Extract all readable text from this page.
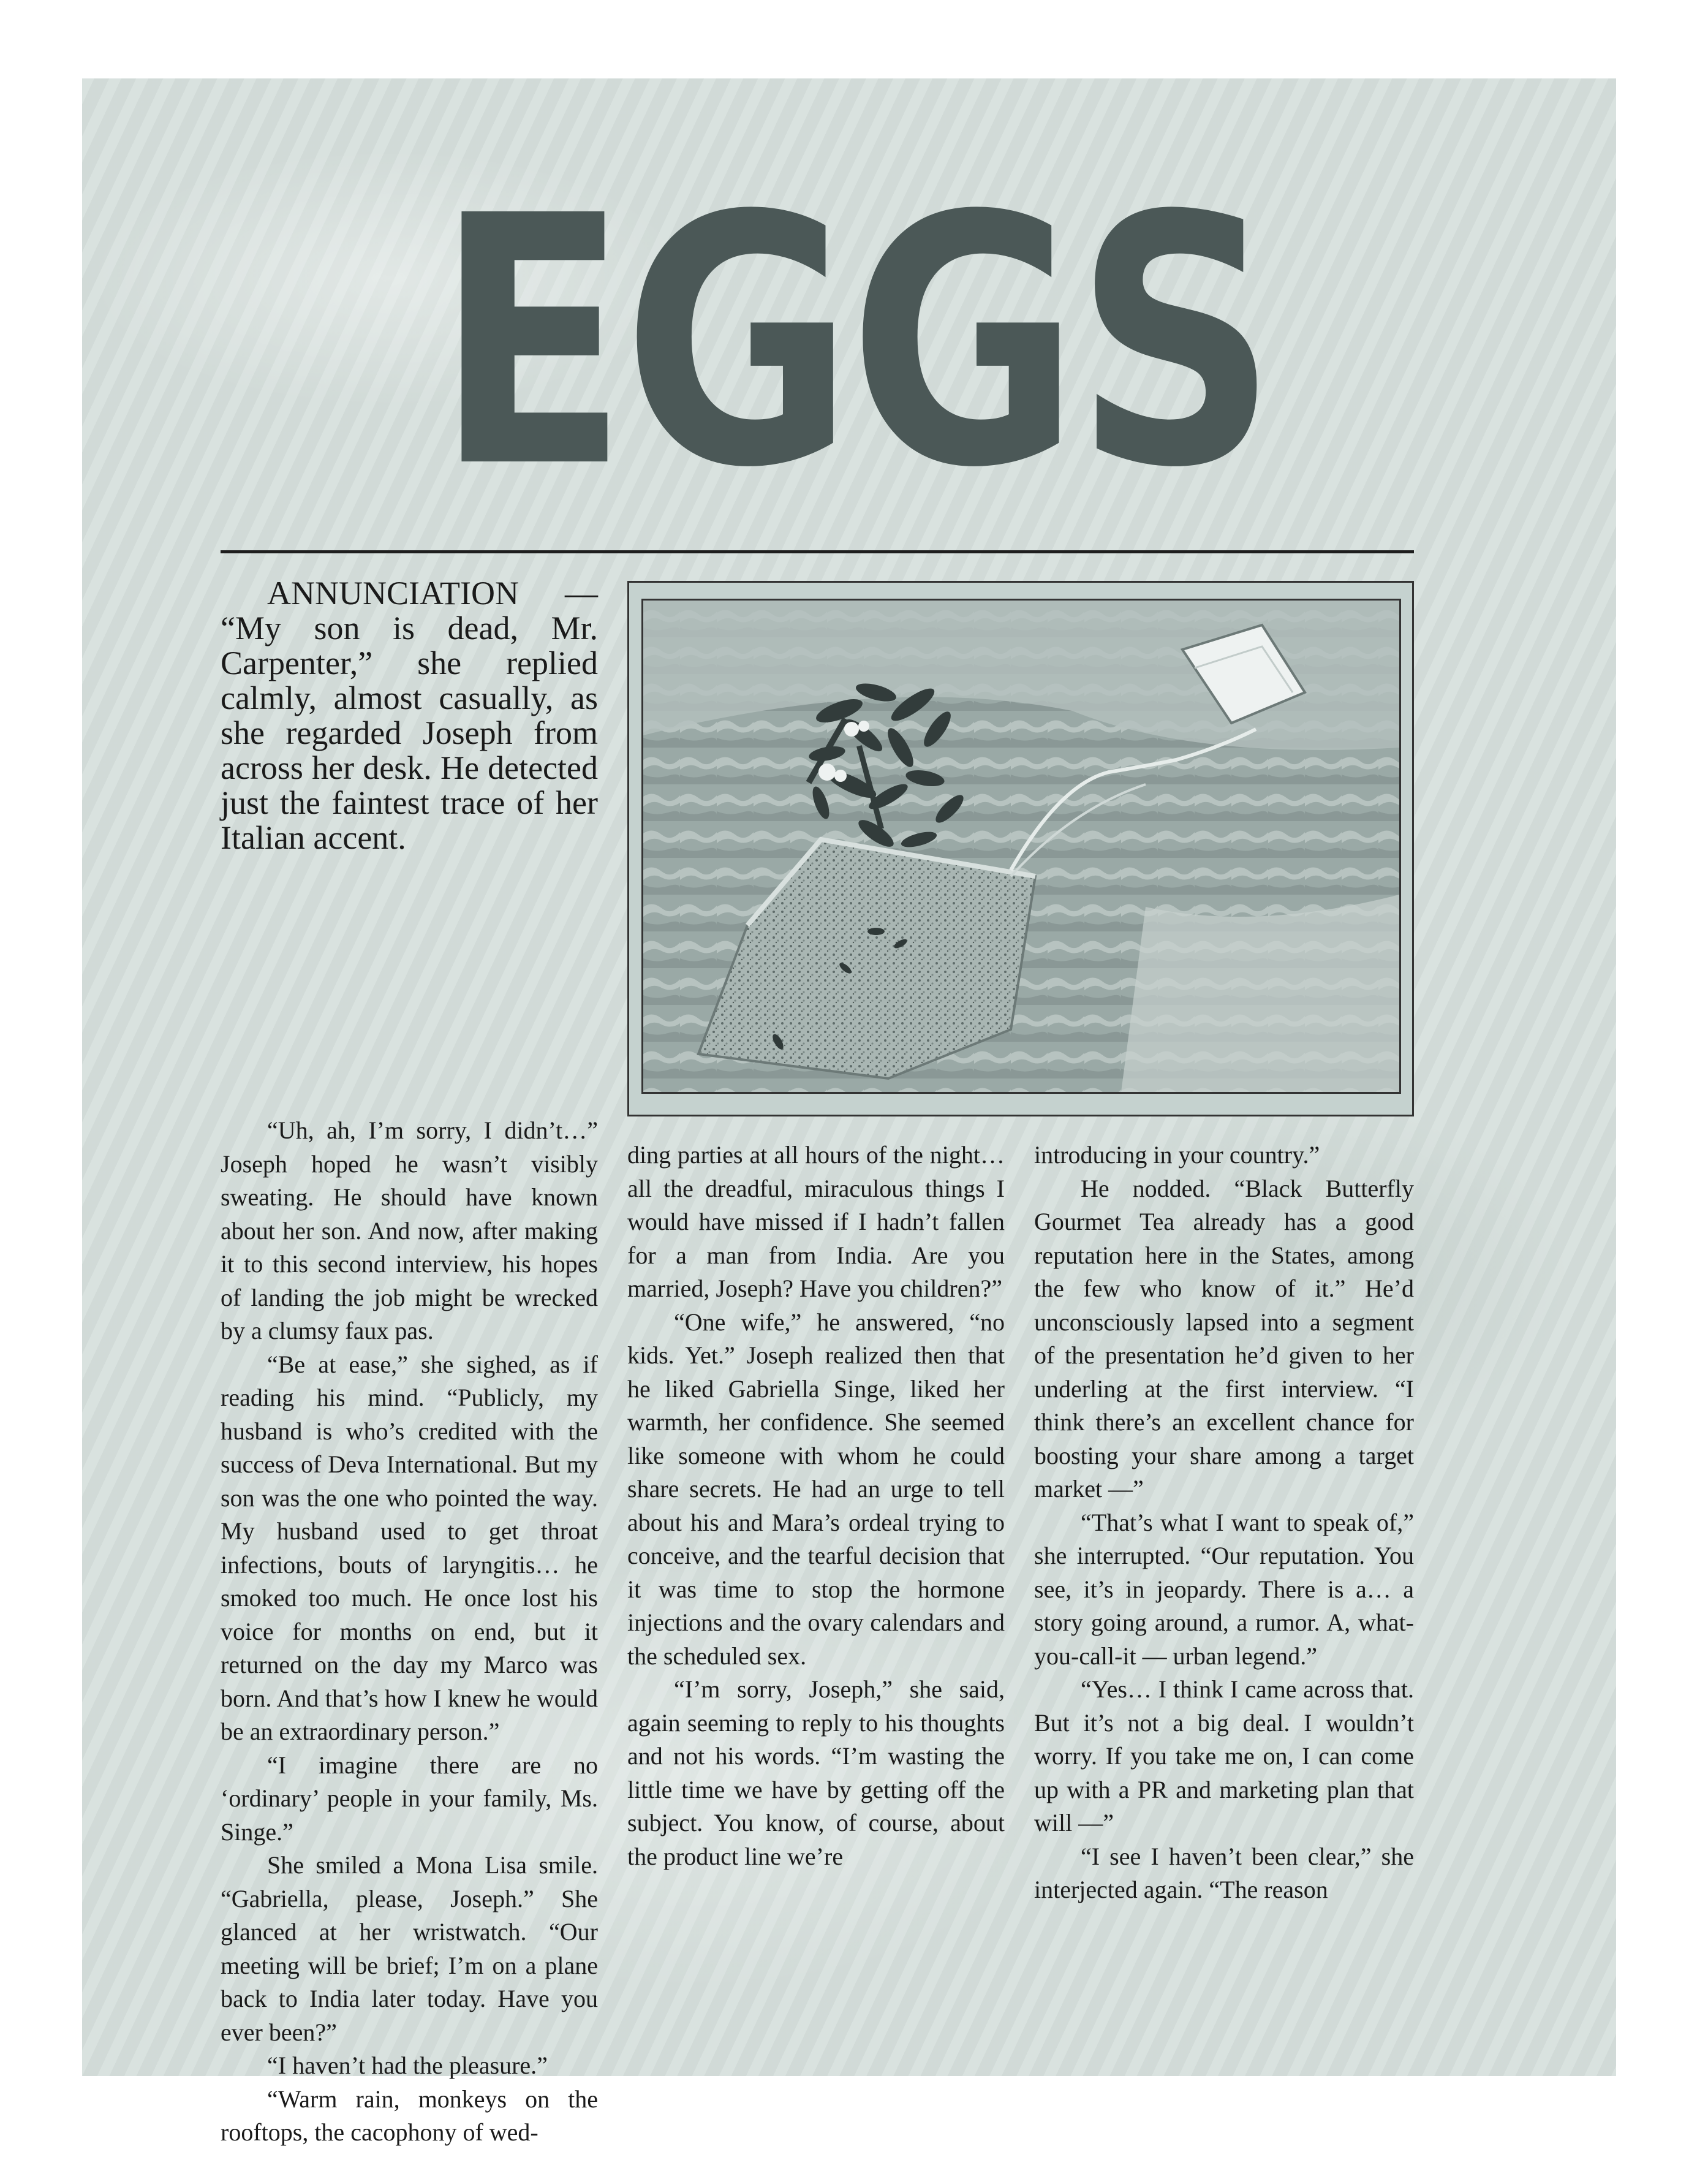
EGGS
ANNUNCIATION — “My son is dead, Mr. Carpenter,” she replied calmly, almost casually, as she regarded Joseph from across her desk. He detected just the faintest trace of her Italian accent.

“Uh, ah, I’m sorry, I didn’t…” Joseph hoped he wasn’t visibly sweating. He should have known about her son. And now, after making it to this second interview, his hopes of landing the job might be wrecked by a clumsy faux pas.

“Be at ease,” she sighed, as if reading his mind. “Publicly, my husband is who’s credited with the success of Deva International. But my son was the one who pointed the way. My husband used to get throat infections, bouts of laryngitis… he smoked too much. He once lost his voice for months on end, but it returned on the day my Marco was born. And that’s how I knew he would be an extraordinary person.”

“I imagine there are no ‘ordinary’ people in your family, Ms. Singe.”

She smiled a Mona Lisa smile. “Gabriella, please, Joseph.” She glanced at her wristwatch. “Our meeting will be brief; I’m on a plane back to India later today. Have you ever been?”

“I haven’t had the pleasure.”

“Warm rain, monkeys on the rooftops, the cacophony of wed-

ding parties at all hours of the night… all the dreadful, miraculous things I would have missed if I hadn’t fallen for a man from India. Are you married, Joseph? Have you children?”

“One wife,” he answered, “no kids. Yet.” Joseph realized then that he liked Gabriella Singe, liked her warmth, her confidence. She seemed like someone with whom he could share secrets. He had an urge to tell about his and Mara’s ordeal trying to conceive, and the tearful decision that it was time to stop the hormone injections and the ovary calendars and the scheduled sex.

“I’m sorry, Joseph,” she said, again seeming to reply to his thoughts and not his words. “I’m wasting the little time we have by getting off the subject. You know, of course, about the product line we’re

introducing in your country.”

He nodded. “Black Butterfly Gourmet Tea already has a good reputation here in the States, among the few who know of it.” He’d unconsciously lapsed into a segment of the presentation he’d given to her underling at the first interview. “I think there’s an excellent chance for boosting your share among a target market —”

“That’s what I want to speak of,” she interrupted. “Our reputation. You see, it’s in jeopardy. There is a… a story going around, a rumor. A, what-you-call-it — urban legend.”

“Yes… I think I came across that. But it’s not a big deal. I wouldn’t worry. If you take me on, I can come up with a PR and marketing plan that will —”

“I see I haven’t been clear,” she interjected again. “The reason
